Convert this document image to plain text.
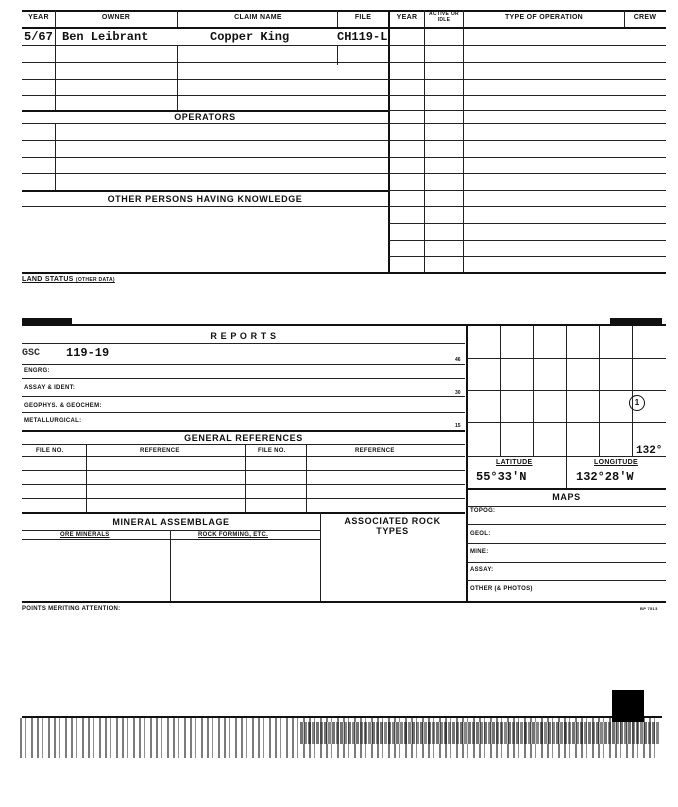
YEAR	OWNER	CLAIM NAME	FILE	YEAR	ACTIVE OR IDLE	TYPE OF OPERATION	CREW
5/67 Ben Leibrant	Copper King	CH119-L
OPERATORS
OTHER PERSONS HAVING KNOWLEDGE
LAND STATUS (OTHER DATA)
R E P O R T S
GSC 119-19	46
ENGRG:
ASSAY & IDENT:
30
GEOPHYS. & GEOCHEM:
METALLURGICAL:
15
GENERAL REFERENCES
FILE NO.	REFERENCE	FILE NO.	REFERENCE
MINERAL ASSEMBLAGE	ASSOCIATED ROCK TYPES
ORE MINERALS	ROCK FORMING, ETC.
1
132°
LATITUDE	LONGITUDE
55°33'N	132°28'W
MAPS
TOPOG:
GEOL:
MINE:
ASSAY:
OTHER (& PHOTOS)
POINTS MERITING ATTENTION:	BP 7513
